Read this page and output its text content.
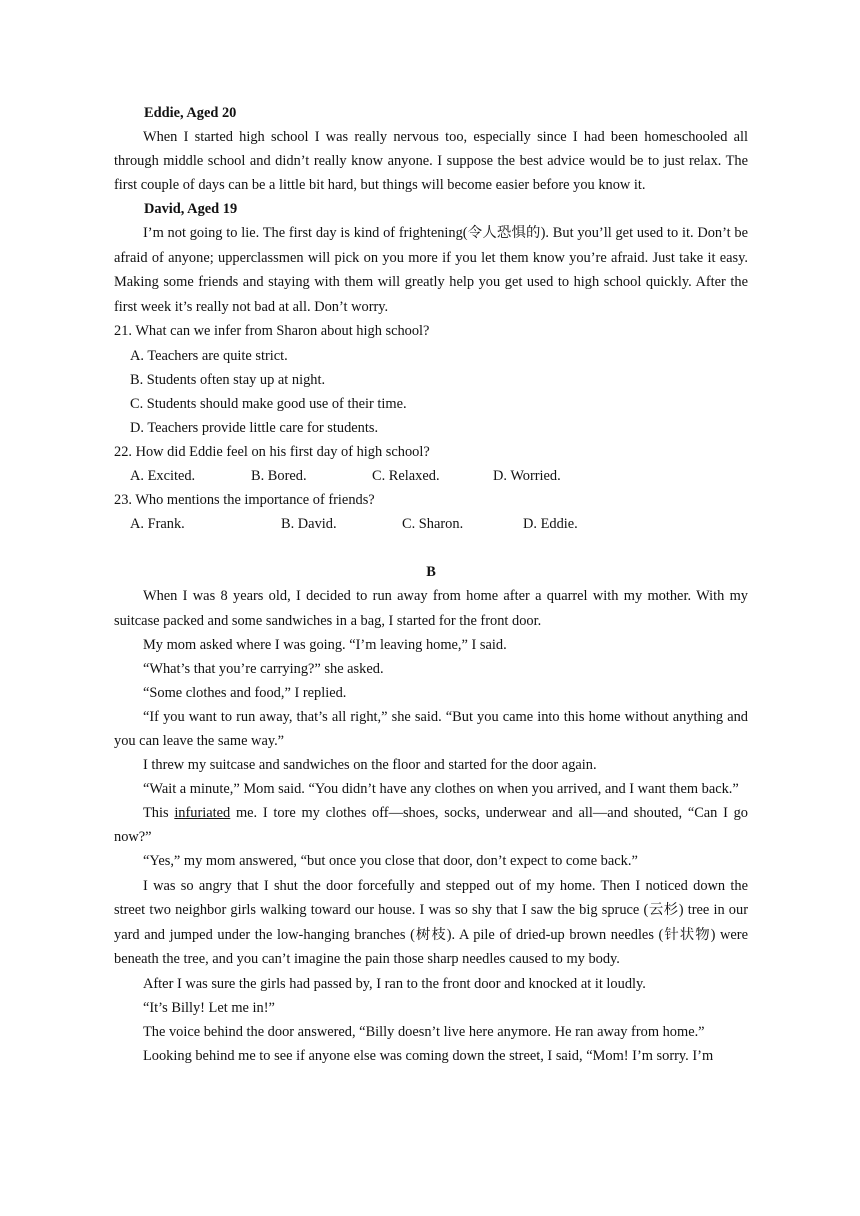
Eddie, Aged 20

When I started high school I was really nervous too, especially since I had been homeschooled all through middle school and didn’t really know anyone. I suppose the best advice would be to just relax. The first couple of days can be a little bit hard, but things will become easier before you know it.

David, Aged 19

I’m not going to lie. The first day is kind of frightening(令人恐惧的). But you’ll get used to it. Don’t be afraid of anyone; upperclassmen will pick on you more if you let them know you’re afraid. Just take it easy. Making some friends and staying with them will greatly help you get used to high school quickly. After the first week it’s really not bad at all. Don’t worry.

21. What can we infer from Sharon about high school?

A. Teachers are quite strict.

B. Students often stay up at night.

C. Students should make good use of their time.

D. Teachers provide little care for students.

22. How did Eddie feel on his first day of high school?

A. Excited.	B. Bored.	C. Relaxed.	D. Worried.

23. Who mentions the importance of friends?

A. Frank.	B. David.	C. Sharon.	D. Eddie.

B

When I was 8 years old, I decided to run away from home after a quarrel with my mother. With my suitcase packed and some sandwiches in a bag, I started for the front door.

My mom asked where I was going. “I’m leaving home,” I said.

“What’s that you’re carrying?” she asked.

“Some clothes and food,” I replied.

“If you want to run away, that’s all right,” she said. “But you came into this home without anything and you can leave the same way.”

I threw my suitcase and sandwiches on the floor and started for the door again.

“Wait a minute,” Mom said. “You didn’t have any clothes on when you arrived, and I want them back.”

This infuriated me. I tore my clothes off—shoes, socks, underwear and all—and shouted, “Can I go now?”

“Yes,” my mom answered, “but once you close that door, don’t expect to come back.”

I was so angry that I shut the door forcefully and stepped out of my home. Then I noticed down the street two neighbor girls walking toward our house. I was so shy that I saw the big spruce (云杉) tree in our yard and jumped under the low-hanging branches (树枝). A pile of dried-up brown needles (针状物) were beneath the tree, and you can’t imagine the pain those sharp needles caused to my body.

After I was sure the girls had passed by, I ran to the front door and knocked at it loudly.

“It’s Billy! Let me in!”

The voice behind the door answered, “Billy doesn’t live here anymore. He ran away from home.”

Looking behind me to see if anyone else was coming down the street, I said, “Mom! I’m sorry. I’m
